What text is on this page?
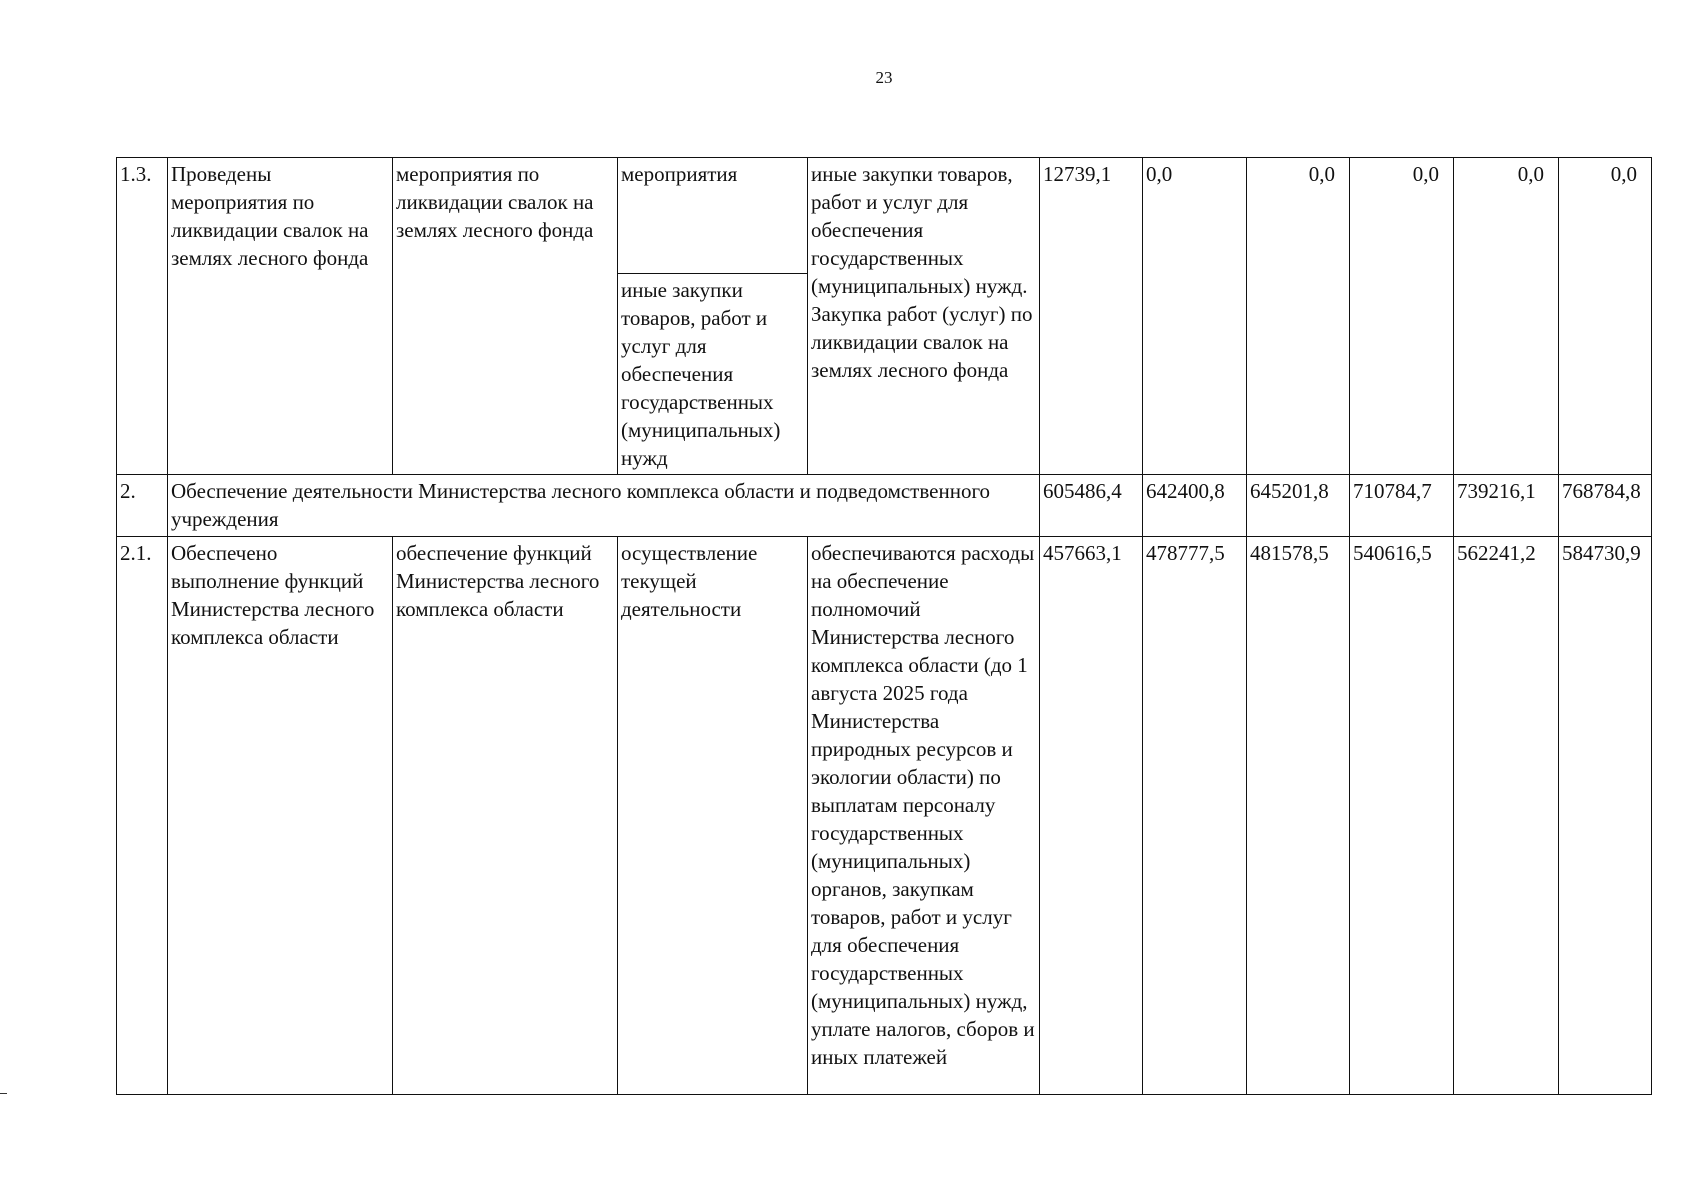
23
1.3.	Проведены мероприятия по ликвидации свалок на землях лесного фонда	мероприятия по ликвидации свалок на землях лесного фонда	мероприятия	иные закупки товаров, работ и услуг для обеспечения государственных (муниципальных) нужд. Закупка работ (услуг) по ликвидации свалок на землях лесного фонда	12739,1	0,0	0,0	0,0	0,0	0,0
			иные закупки товаров, работ и услуг для обеспечения государственных (муниципальных) нужд							
2.	Обеспечение деятельности Министерства лесного комплекса области и подведомственного учреждения				605486,4	642400,8	645201,8	710784,7	739216,1	768784,8
2.1.	Обеспечено выполнение функций Министерства лесного комплекса области	обеспечение функций Министерства лесного комплекса области	осуществление текущей деятельности	обеспечиваются расходы на обеспечение полномочий Министерства лесного комплекса области (до 1 августа 2025 года Министерства природных ресурсов и экологии области) по выплатам персоналу государственных (муниципальных) органов, закупкам товаров, работ и услуг для обеспечения государственных (муниципальных) нужд, уплате налогов, сборов и иных платежей	457663,1	478777,5	481578,5	540616,5	562241,2	584730,9
